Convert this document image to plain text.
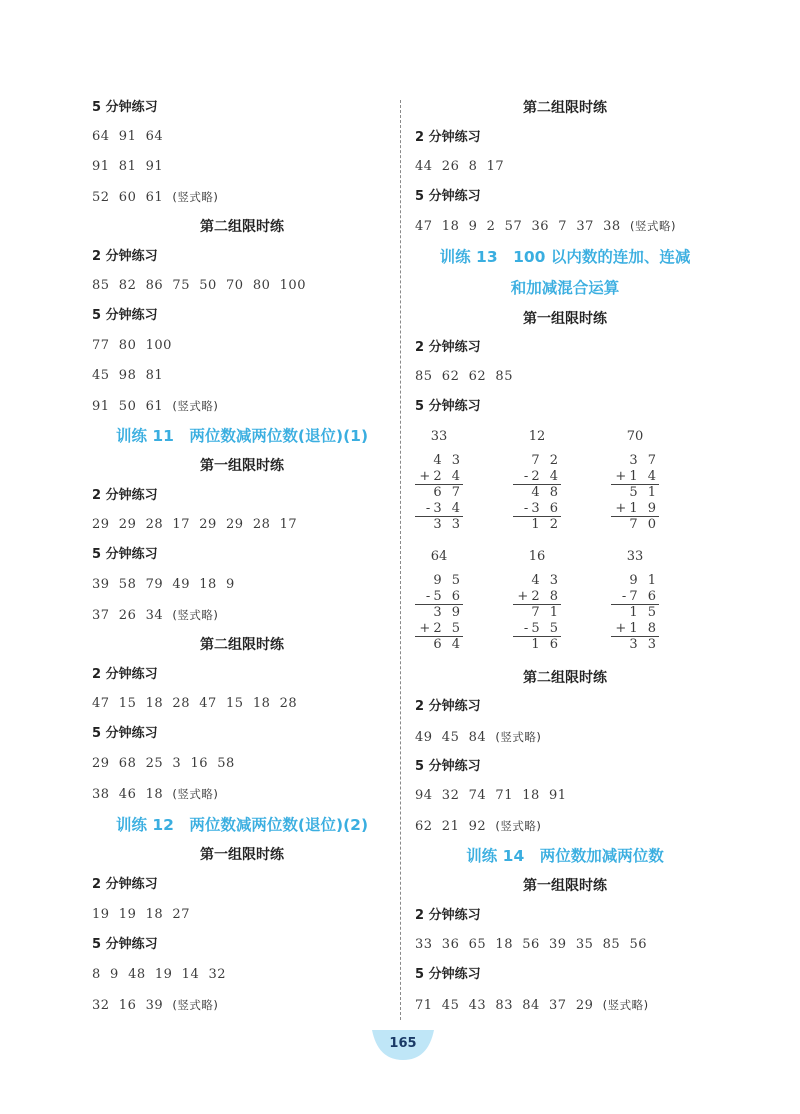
5 分钟练习
64  91  64
91  81  91
52  60  61 (竖式略)
第二组限时练
2 分钟练习
85  82  86  75  50  70  80  100
5 分钟练习
77  80  100
45  98  81
91  50  61 (竖式略)
训练 11　两位数减两位数(退位)(1)
第一组限时练
2 分钟练习
29  29  28  17  29  29  28  17
5 分钟练习
39  58  79  49  18  9
37  26  34 (竖式略)
第二组限时练
2 分钟练习
47  15  18  28  47  15  18  28
5 分钟练习
29  68  25  3  16  58
38  46  18 (竖式略)
训练 12　两位数减两位数(退位)(2)
第一组限时练
2 分钟练习
19  19  18  27
5 分钟练习
8  9  48  19  14  32
32  16  39 (竖式略)
第二组限时练
2 分钟练习
44  26  8  17
5 分钟练习
47  18  9  2  57  36  7  37  38 (竖式略)
训练 13　100 以内数的连加、连减
和加减混合运算
第一组限时练
2 分钟练习
85  62  62  85
5 分钟练习
33
4 3
+2 4
6 7
-3 4
3 3
12
7 2
-2 4
4 8
-3 6
1 2
70
3 7
+1 4
5 1
+1 9
7 0
64
9 5
-5 6
3 9
+2 5
6 4
16
4 3
+2 8
7 1
-5 5
1 6
33
9 1
-7 6
1 5
+1 8
3 3
第二组限时练
2 分钟练习
49  45  84 (竖式略)
5 分钟练习
94  32  74  71  18  91
62  21  92 (竖式略)
训练 14　两位数加减两位数
第一组限时练
2 分钟练习
33  36  65  18  56  39  35  85  56
5 分钟练习
71  45  43  83  84  37  29 (竖式略)
165
